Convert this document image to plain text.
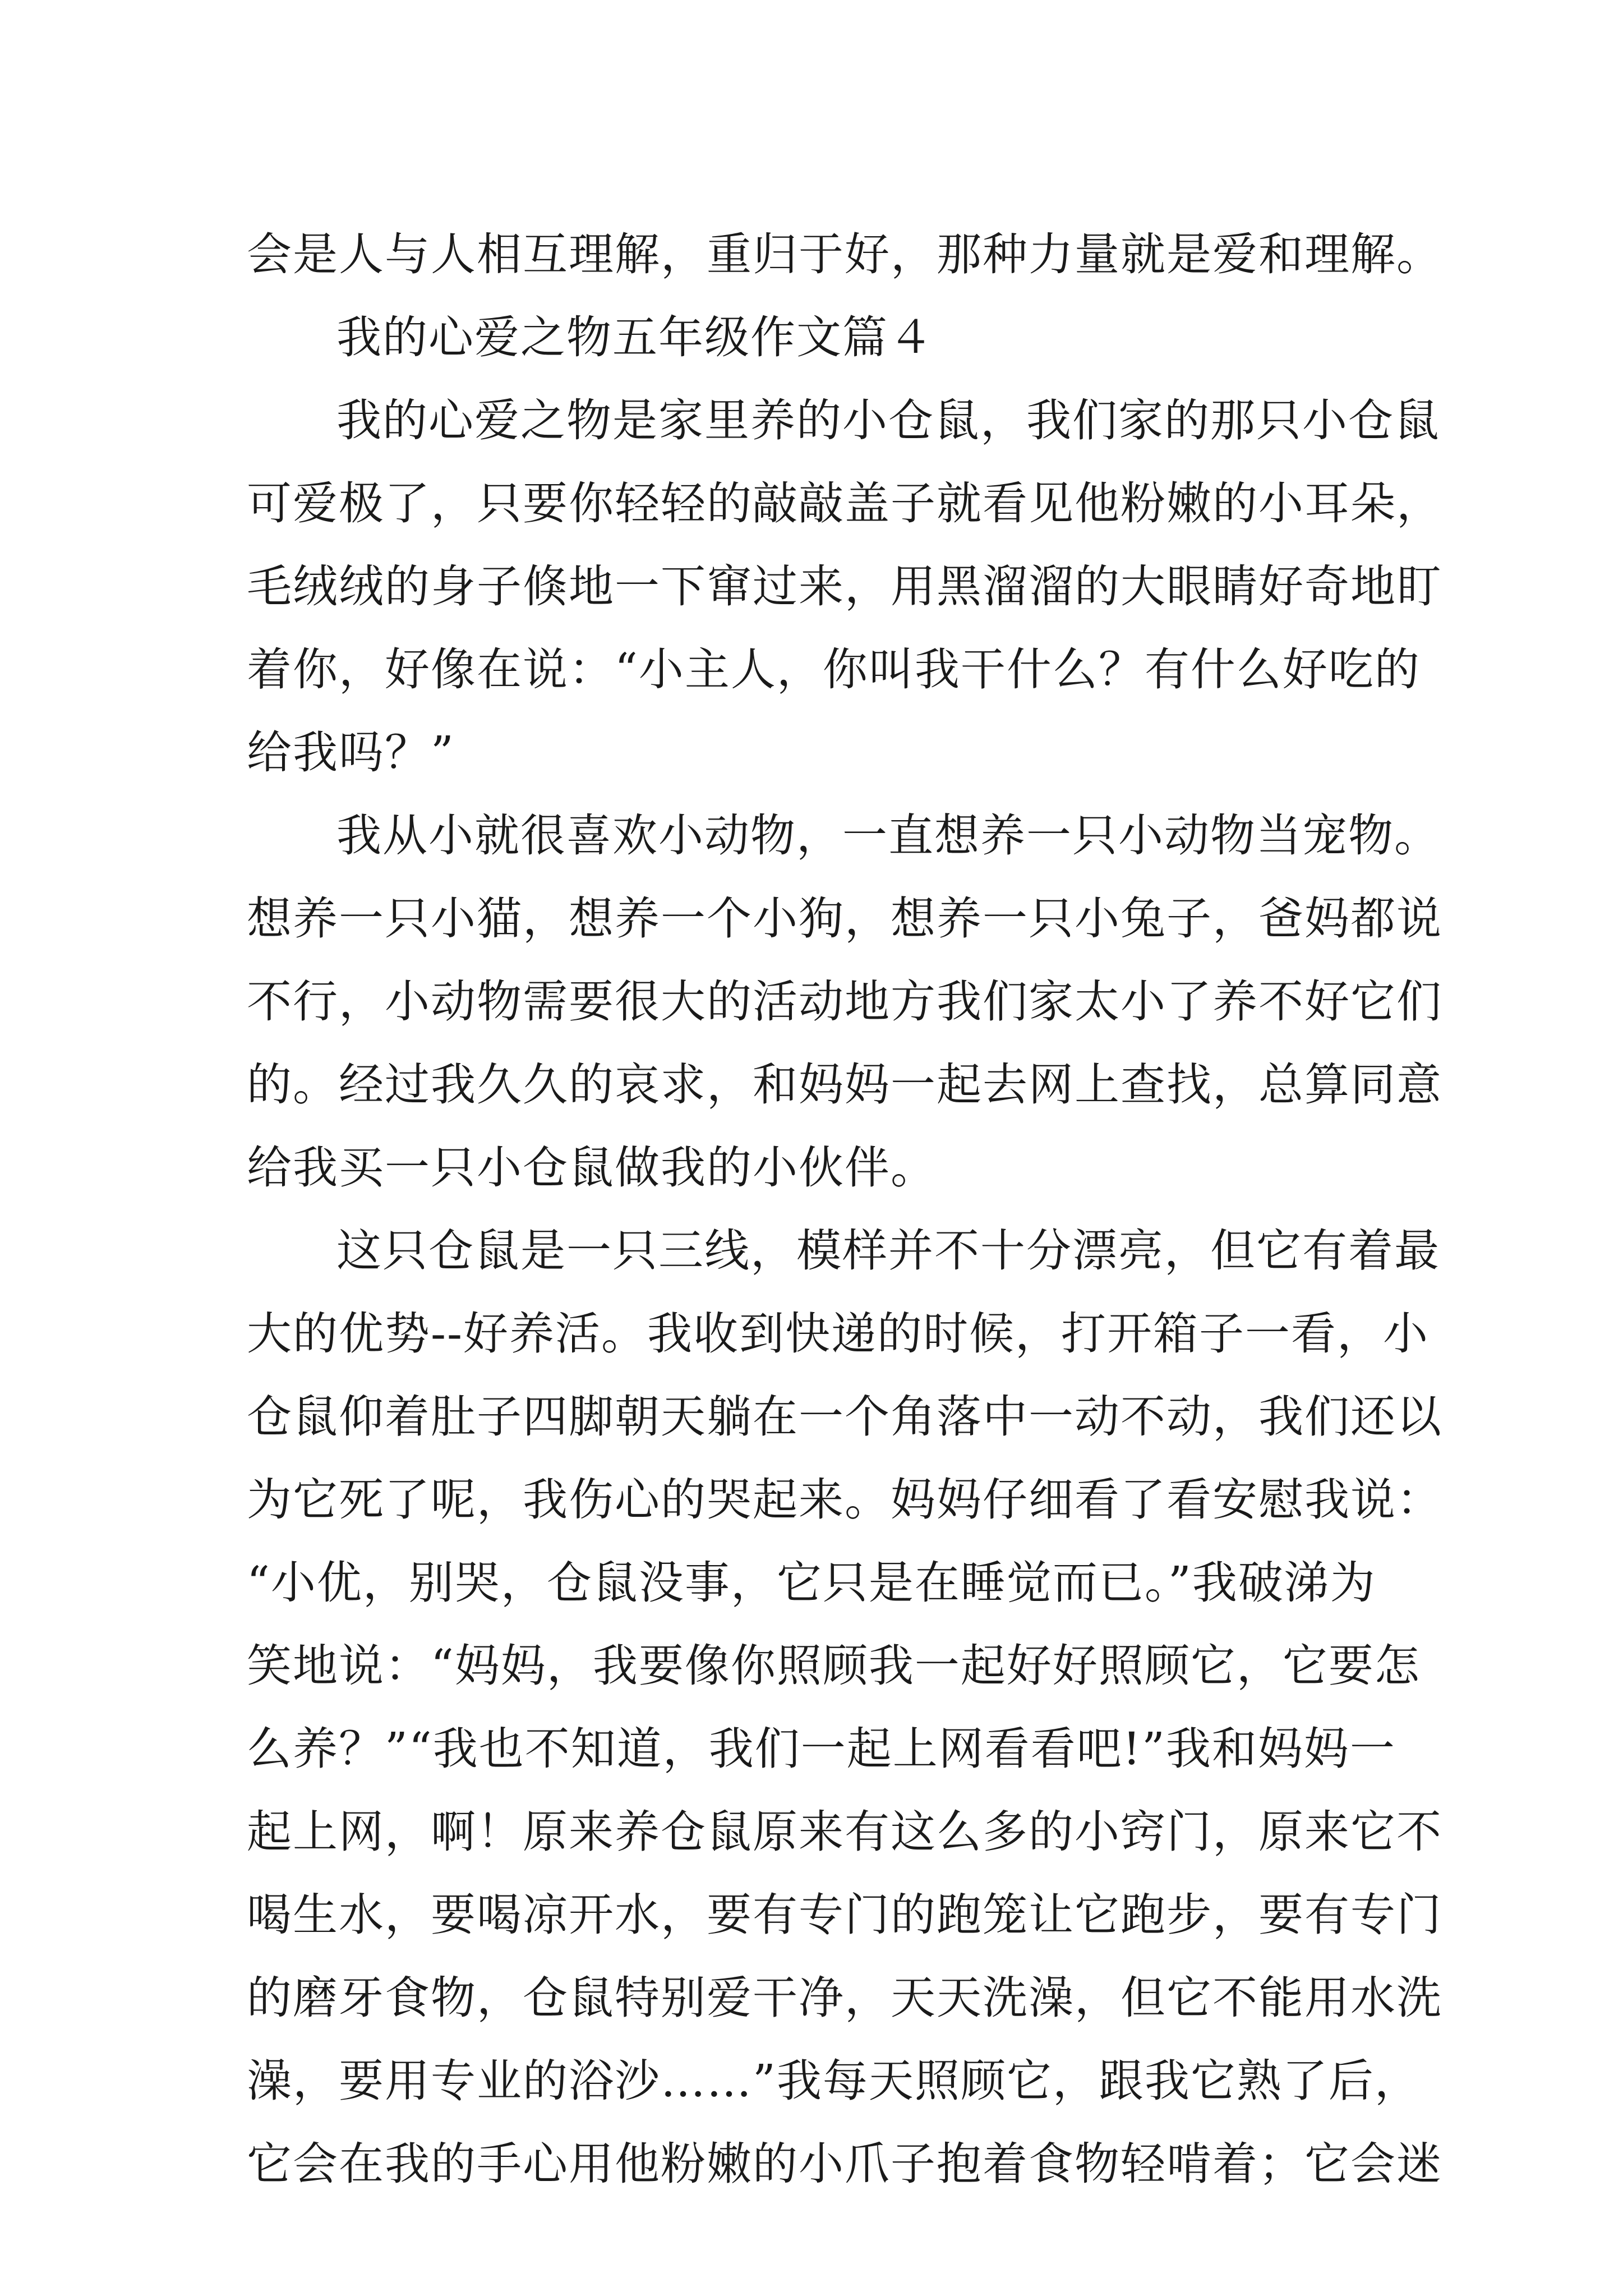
会是人与人相互理解，重归于好，那种力量就是爱和理解。
我的心爱之物五年级作文篇４
我的心爱之物是家里养的小仓鼠，我们家的那只小仓鼠
可爱极了，只要你轻轻的敲敲盖子就看见他粉嫩的小耳朵，
毛绒绒的身子倏地一下窜过来，用黑溜溜的大眼睛好奇地盯
着你，好像在说：“小主人，你叫我干什么？有什么好吃的
给我吗？”
我从小就很喜欢小动物，一直想养一只小动物当宠物。
想养一只小猫，想养一个小狗，想养一只小兔子，爸妈都说
不行，小动物需要很大的活动地方我们家太小了养不好它们
的。经过我久久的哀求，和妈妈一起去网上查找，总算同意
给我买一只小仓鼠做我的小伙伴。
这只仓鼠是一只三线，模样并不十分漂亮，但它有着最
大的优势--好养活。我收到快递的时候，打开箱子一看，小
仓鼠仰着肚子四脚朝天躺在一个角落中一动不动，我们还以
为它死了呢，我伤心的哭起来。妈妈仔细看了看安慰我说：
“小优，别哭，仓鼠没事，它只是在睡觉而已。”我破涕为
笑地说：“妈妈，我要像你照顾我一起好好照顾它，它要怎
么养？”“我也不知道，我们一起上网看看吧!”我和妈妈一
起上网，啊！原来养仓鼠原来有这么多的小窍门，原来它不
喝生水，要喝凉开水，要有专门的跑笼让它跑步，要有专门
的磨牙食物，仓鼠特别爱干净，天天洗澡，但它不能用水洗
澡，要用专业的浴沙……”我每天照顾它，跟我它熟了后，
它会在我的手心用他粉嫩的小爪子抱着食物轻啃着；它会迷
